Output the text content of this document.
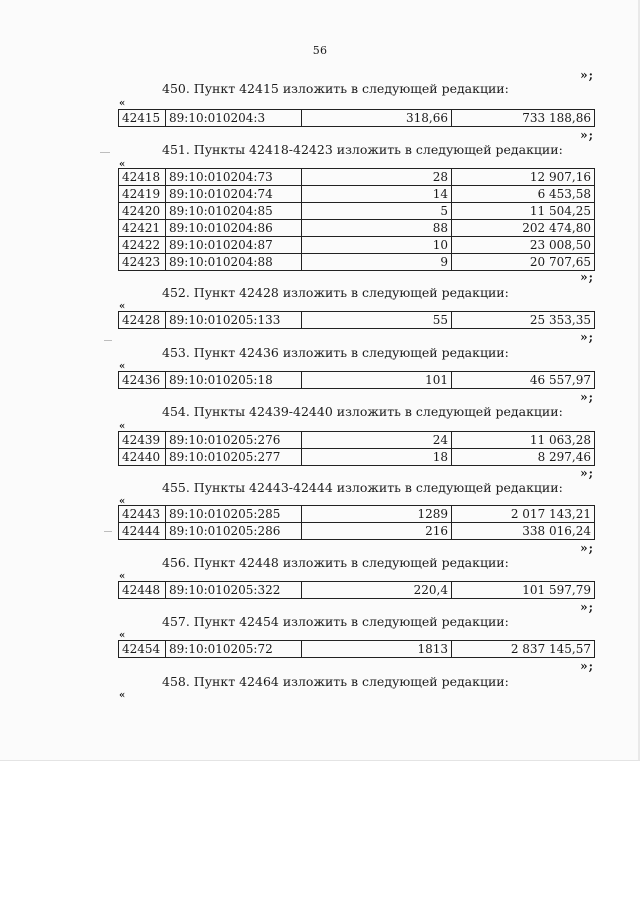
56
»;
450. Пункт 42415 изложить в следующей редакции:
«
42415	89:10:010204:3	318,66	733 188,86
»;
451. Пункты 42418-42423 изложить в следующей редакции:
«
42418	89:10:010204:73	28	12 907,16
42419	89:10:010204:74	14	6 453,58
42420	89:10:010204:85	5	11 504,25
42421	89:10:010204:86	88	202 474,80
42422	89:10:010204:87	10	23 008,50
42423	89:10:010204:88	9	20 707,65
»;
452. Пункт 42428 изложить в следующей редакции:
«
42428	89:10:010205:133	55	25 353,35
»;
453. Пункт 42436 изложить в следующей редакции:
«
42436	89:10:010205:18	101	46 557,97
»;
454. Пункты 42439-42440 изложить в следующей редакции:
«
42439	89:10:010205:276	24	11 063,28
42440	89:10:010205:277	18	8 297,46
»;
455. Пункты 42443-42444 изложить в следующей редакции:
«
42443	89:10:010205:285	1289	2 017 143,21
42444	89:10:010205:286	216	338 016,24
»;
456. Пункт 42448 изложить в следующей редакции:
«
42448	89:10:010205:322	220,4	101 597,79
»;
457. Пункт 42454 изложить в следующей редакции:
«
42454	89:10:010205:72	1813	2 837 145,57
»;
458. Пункт 42464 изложить в следующей редакции:
«
